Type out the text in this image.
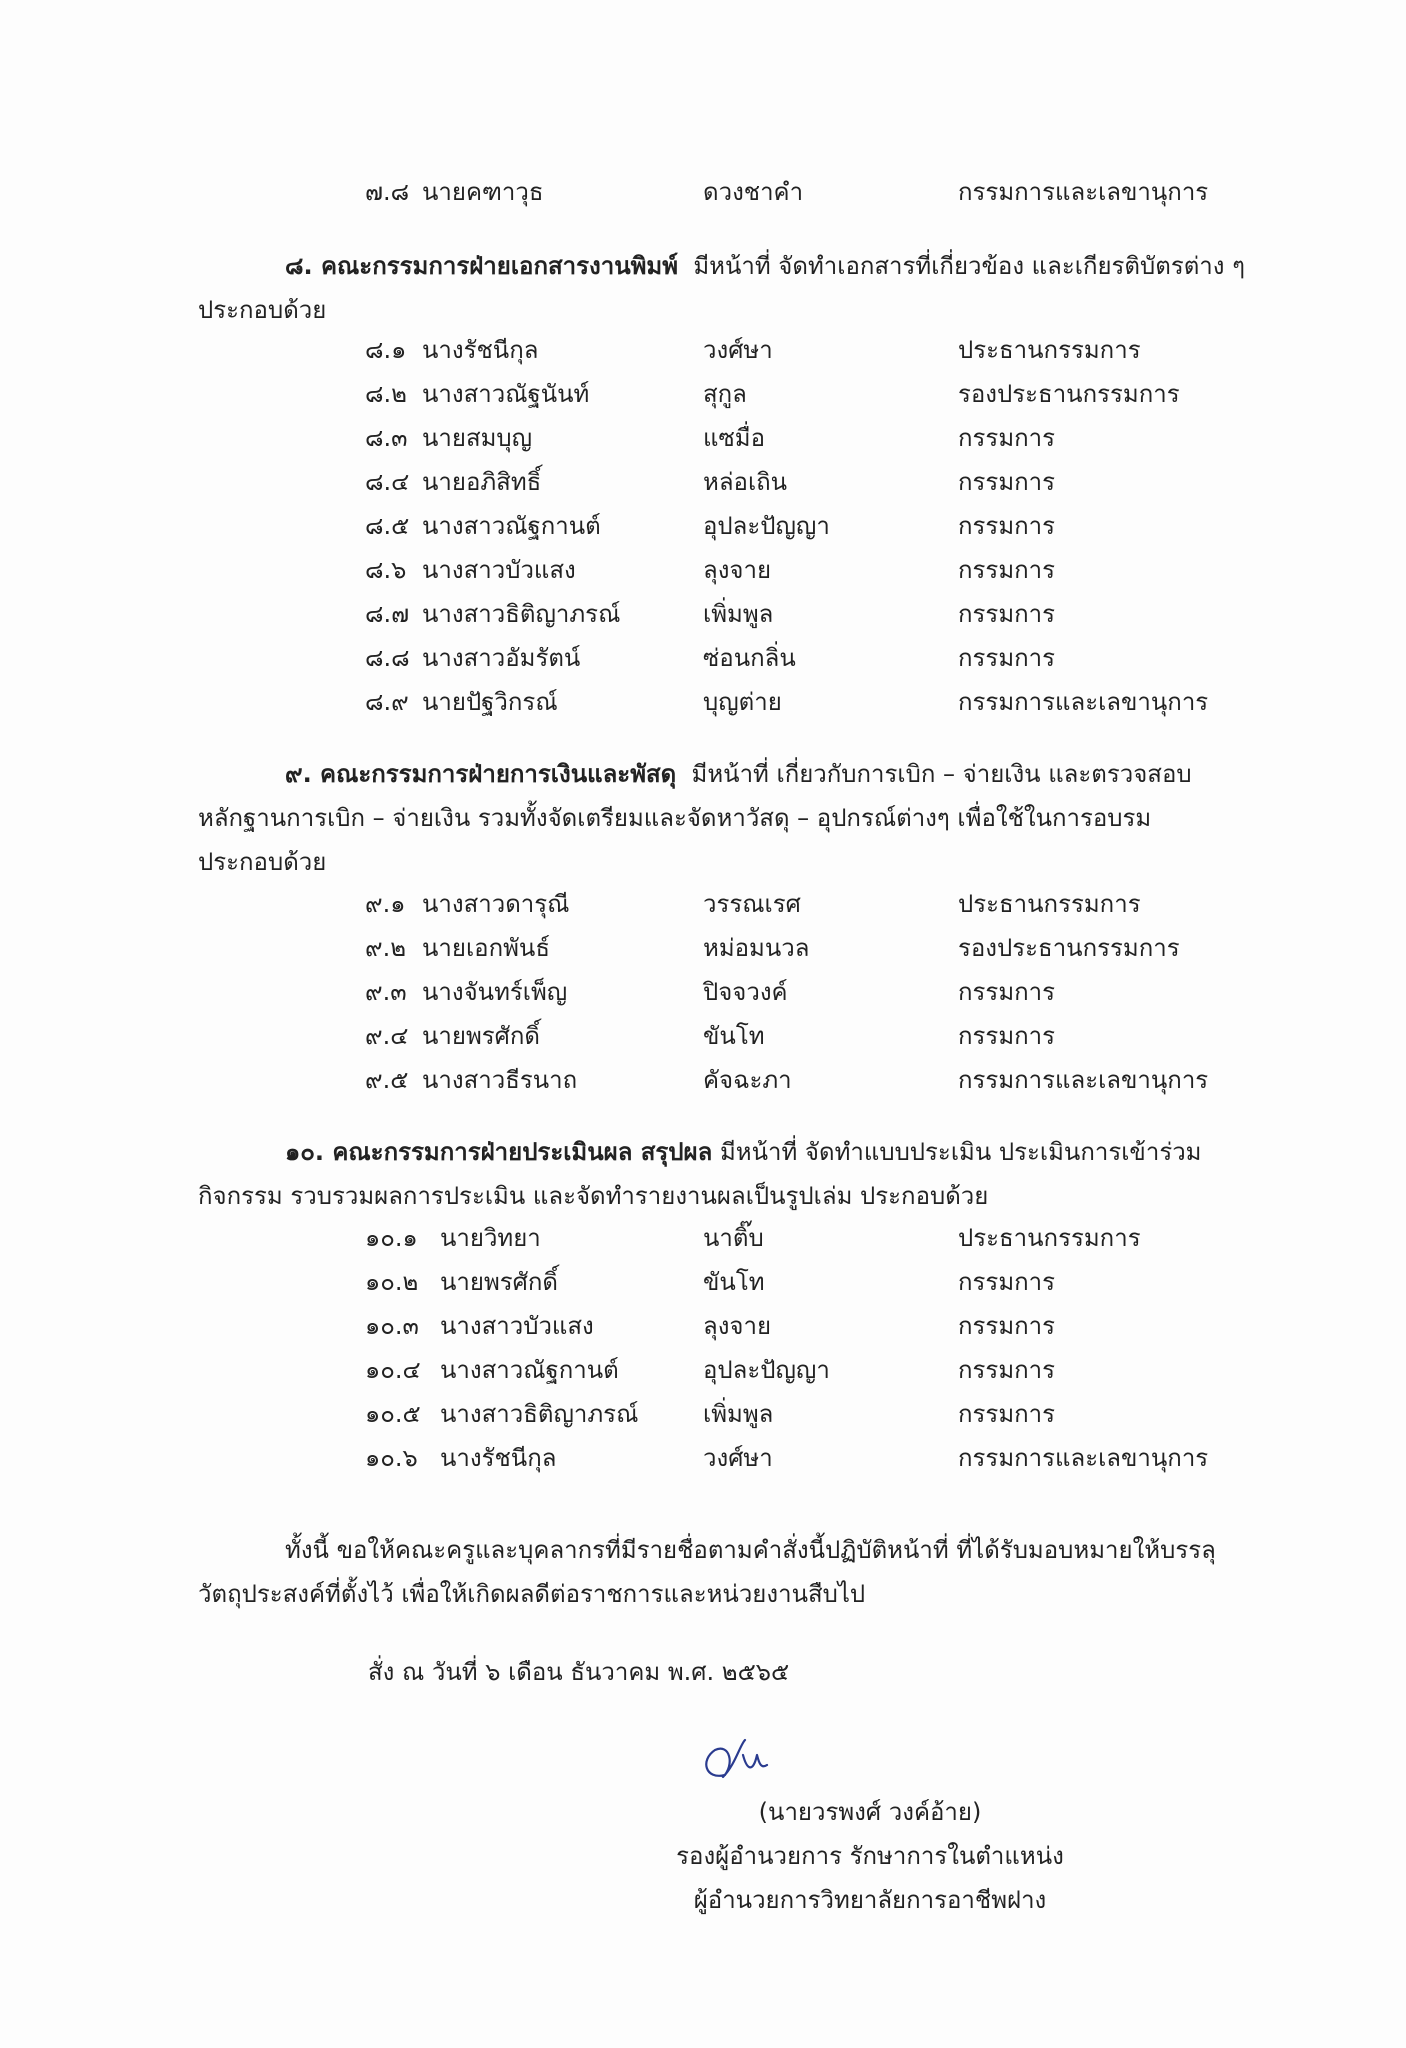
๗.๘ นายคฑาวุธ	ดวงชาคำ	กรรมการและเลขานุการ
๘. คณะกรรมการฝ่ายเอกสารงานพิมพ์ มีหน้าที่ จัดทำเอกสารที่เกี่ยวข้อง และเกียรติบัตรต่าง ๆ
ประกอบด้วย
๘.๑ นางรัชนีกุล	วงศ์ษา	ประธานกรรมการ
๘.๒ นางสาวณัฐนันท์	สุกูล	รองประธานกรรมการ
๘.๓ นายสมบุญ	แซมื่อ	กรรมการ
๘.๔ นายอภิสิทธิ์	หล่อเถิน	กรรมการ
๘.๕ นางสาวณัฐกานต์	อุปละปัญญา	กรรมการ
๘.๖ นางสาวบัวแสง	ลุงจาย	กรรมการ
๘.๗ นางสาวธิติญาภรณ์	เพิ่มพูล	กรรมการ
๘.๘ นางสาวอัมรัตน์	ซ่อนกลิ่น	กรรมการ
๘.๙ นายปัฐวิกรณ์	บุญต่าย	กรรมการและเลขานุการ
๙. คณะกรรมการฝ่ายการเงินและพัสดุ มีหน้าที่ เกี่ยวกับการเบิก – จ่ายเงิน และตรวจสอบ
หลักฐานการเบิก – จ่ายเงิน รวมทั้งจัดเตรียมและจัดหาวัสดุ – อุปกรณ์ต่างๆ เพื่อใช้ในการอบรม
ประกอบด้วย
๙.๑ นางสาวดารุณี	วรรณเรศ	ประธานกรรมการ
๙.๒ นายเอกพันธ์	หม่อมนวล	รองประธานกรรมการ
๙.๓ นางจันทร์เพ็ญ	ปิจจวงค์	กรรมการ
๙.๔ นายพรศักดิ์	ขันโท	กรรมการ
๙.๕ นางสาวธีรนาถ	คัจฉะภา	กรรมการและเลขานุการ
๑๐. คณะกรรมการฝ่ายประเมินผล สรุปผล มีหน้าที่ จัดทำแบบประเมิน ประเมินการเข้าร่วม
กิจกรรม รวบรวมผลการประเมิน และจัดทำรายงานผลเป็นรูปเล่ม ประกอบด้วย
๑๐.๑ นายวิทยา	นาติ๊บ	ประธานกรรมการ
๑๐.๒ นายพรศักดิ์	ขันโท	กรรมการ
๑๐.๓ นางสาวบัวแสง	ลุงจาย	กรรมการ
๑๐.๔ นางสาวณัฐกานต์	อุปละปัญญา	กรรมการ
๑๐.๕ นางสาวธิติญาภรณ์	เพิ่มพูล	กรรมการ
๑๐.๖ นางรัชนีกุล	วงศ์ษา	กรรมการและเลขานุการ
ทั้งนี้ ขอให้คณะครูและบุคลากรที่มีรายชื่อตามคำสั่งนี้ปฏิบัติหน้าที่ ที่ได้รับมอบหมายให้บรรลุ
วัตถุประสงค์ที่ตั้งไว้ เพื่อให้เกิดผลดีต่อราชการและหน่วยงานสืบไป
สั่ง ณ วันที่ ๖ เดือน ธันวาคม พ.ศ. ๒๕๖๕
(นายวรพงศ์ วงค์อ้าย)
รองผู้อำนวยการ รักษาการในตำแหน่ง
ผู้อำนวยการวิทยาลัยการอาชีพฝาง
